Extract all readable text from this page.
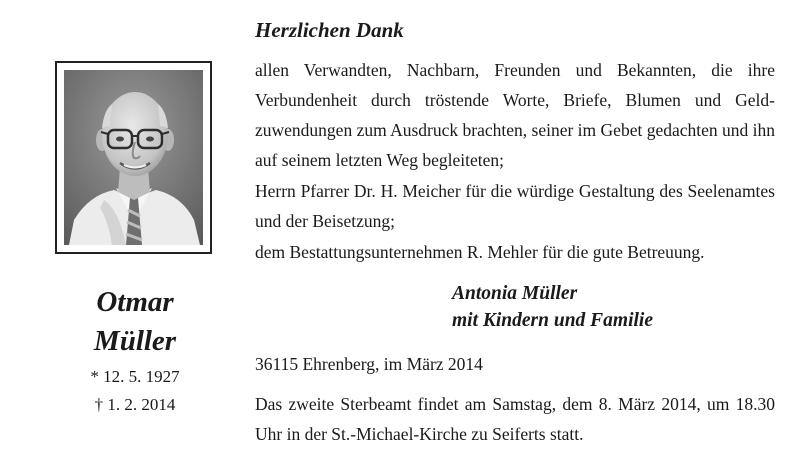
Otmar
Müller
* 12. 5. 1927
† 1. 2. 2014
Herzlichen Dank
allen Verwandten, Nachbarn, Freunden und Bekannten, die ihre Verbundenheit durch tröstende Worte, Briefe, Blumen und Geld- zuwendungen zum Ausdruck brachten, seiner im Gebet gedachten und ihn auf seinem letzten Weg begleiteten;
Herrn Pfarrer Dr. H. Meicher für die würdige Gestaltung des Seelenamtes und der Beisetzung;
dem Bestattungsunternehmen R. Mehler für die gute Betreuung.
Antonia Müller
mit Kindern und Familie
36115 Ehrenberg, im März 2014
Das zweite Sterbeamt findet am Samstag, dem 8. März 2014, um 18.30 Uhr in der St.-Michael-Kirche zu Seiferts statt.
